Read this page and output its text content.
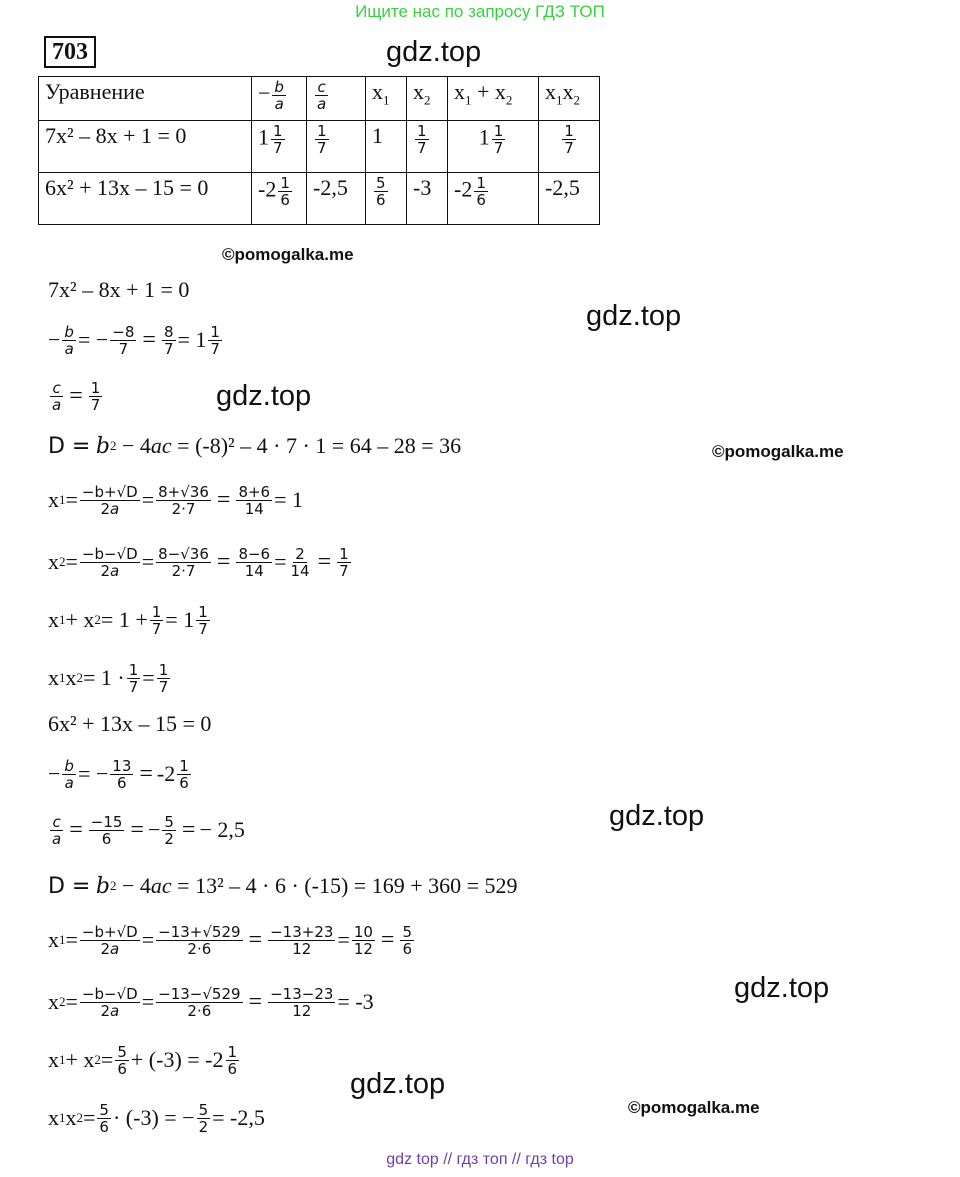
Ищите нас по запросу ГДЗ ТОП
703	gdz.top
©pomogalka.me
gdz.top
gdz.top
©pomogalka.me
gdz.top
gdz.top
gdz.top
©pomogalka.me
Уравнение	− $\frac{b}{a}$	$\frac{c}{a}$	$x_1$	$x_2$	$x_1 + x_2$	$x_1x_2$
7x² – 8x + 1 = 0	$1 \frac{1}{7}$	$\frac{1}{7}$	1	$\frac{1}{7}$	$1 \frac{1}{7}$	$\frac{1}{7}$

6x² + 13x – 15 = 0	$-2 \frac{1}{6}$	-2,5	$\frac{5}{6}$	-3	$-2 \frac{1}{6}$	-2,5
7x² – 8x + 1 = 0
− $\frac{b}{a}$ = − $\frac{-8}{7} = \frac{8}{7} = 1 \frac{1}{7}$
$\frac{c}{a} = \frac{1}{7}$
D =
b 2 − 4 ac
= (-8)² – 4 · 7 · 1 = 64 – 28 = 36
x $1 = \frac{-b+√D}{2a} = \frac{8+√36}{2\cdot 7} = \frac{8+6}{14} = 1$
x $2 = \frac{-b-√D}{2a} = \frac{8-√36}{2\cdot 7} = \frac{8-6}{14} = \frac{2}{14} = \frac{1}{7}$
x 1 + x $2 = 1 + \frac{1}{7} = 1 \frac{1}{7}$
x 1 x $2 = 1 \cdot \frac{1}{7} = \frac{1}{7}$
6x² + 13x – 15 = 0
− $\frac{b}{a}$ = − $\frac{13}{6} = -2 \frac{1}{6}$
$\frac{c}{a} = \frac{-15}{6}$ = − $\frac{5}{2}$ = − 2,5
D =
b 2 − 4 ac
= 13² – 4 · 6 · (-15) = 169 + 360 = 529
x $1 = \frac{-b+√D}{2a} = \frac{-13+√529}{2\cdot 6} = \frac{-13+23}{12} = \frac{10}{12} = \frac{5}{6}$
x $2 = \frac{-b-√D}{2a} = \frac{-13-√529}{2\cdot 6} = \frac{-13-23}{12} = -3$
x 1 + x $2 = \frac{5}{6} + (-3) = -2 \frac{1}{6}$
x 1 x $2 = \frac{5}{6} \cdot (-3)$ = − $\frac{5}{2} = -2,5$
gdz top // гдз топ // гдз top
